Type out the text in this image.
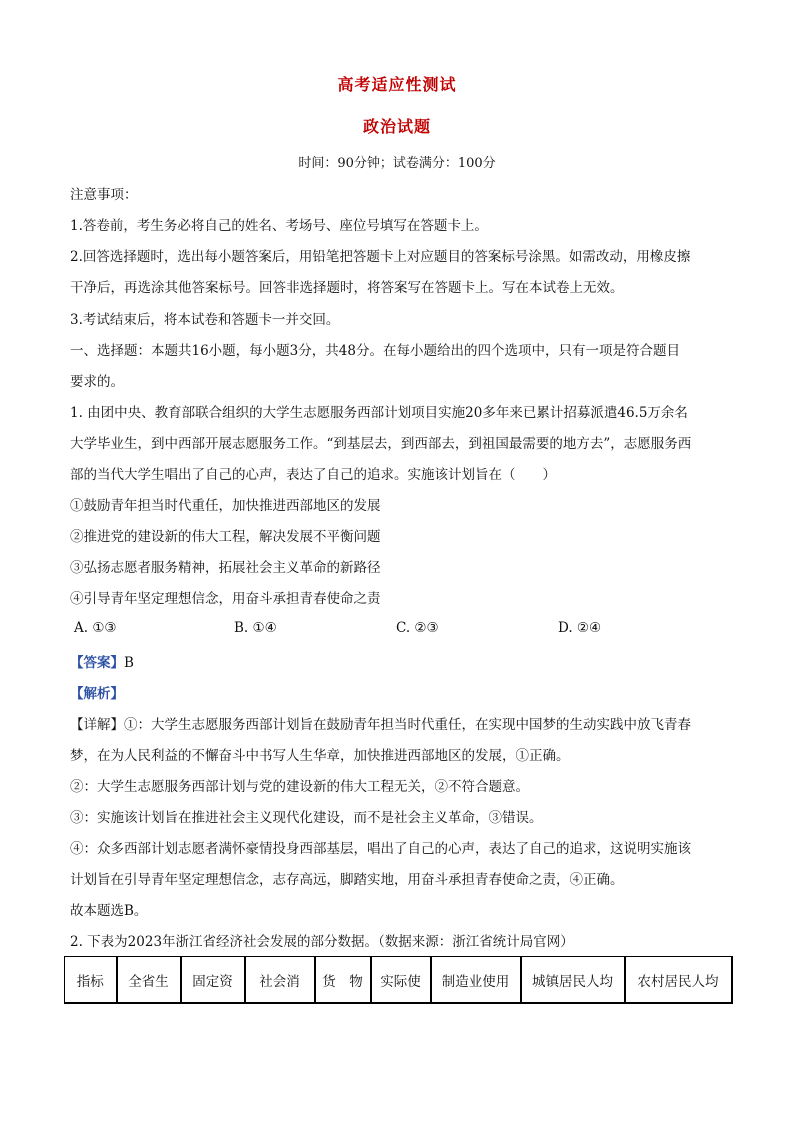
高考适应性测试
政治试题
时间：90分钟；试卷满分：100分
注意事项：
1.答卷前，考生务必将自己的姓名、考场号、座位号填写在答题卡上。
2.回答选择题时，选出每小题答案后，用铅笔把答题卡上对应题目的答案标号涂黑。如需改动，用橡皮擦
干净后，再选涂其他答案标号。回答非选择题时，将答案写在答题卡上。写在本试卷上无效。
3.考试结束后，将本试卷和答题卡一并交回。
一、选择题：本题共16小题，每小题3分，共48分。在每小题给出的四个选项中，只有一项是符合题目
要求的。
1. 由团中央、教育部联合组织的大学生志愿服务西部计划项目实施20多年来已累计招募派遣46.5万余名
大学毕业生，到中西部开展志愿服务工作。“到基层去，到西部去，到祖国最需要的地方去”，志愿服务西
部的当代大学生唱出了自己的心声，表达了自己的追求。实施该计划旨在（　　）
①鼓励青年担当时代重任，加快推进西部地区的发展
②推进党的建设新的伟大工程，解决发展不平衡问题
③弘扬志愿者服务精神，拓展社会主义革命的新路径
④引导青年坚定理想信念，用奋斗承担青春使命之责
A. ①③	B. ①④	C. ②③	D. ②④
【答案】B
【解析】
【详解】①：大学生志愿服务西部计划旨在鼓励青年担当时代重任，在实现中国梦的生动实践中放飞青春
梦，在为人民利益的不懈奋斗中书写人生华章，加快推进西部地区的发展，①正确。
②：大学生志愿服务西部计划与党的建设新的伟大工程无关，②不符合题意。
③：实施该计划旨在推进社会主义现代化建设，而不是社会主义革命，③错误。
④：众多西部计划志愿者满怀豪情投身西部基层，唱出了自己的心声，表达了自己的追求，这说明实施该
计划旨在引导青年坚定理想信念，志存高远，脚踏实地，用奋斗承担青春使命之责，④正确。
故本题选B。
2. 下表为2023年浙江省经济社会发展的部分数据。（数据来源：浙江省统计局官网）
指标	全省生	固定资	社会消	货　物	实际使	制造业使用	城镇居民人均	农村居民人均
